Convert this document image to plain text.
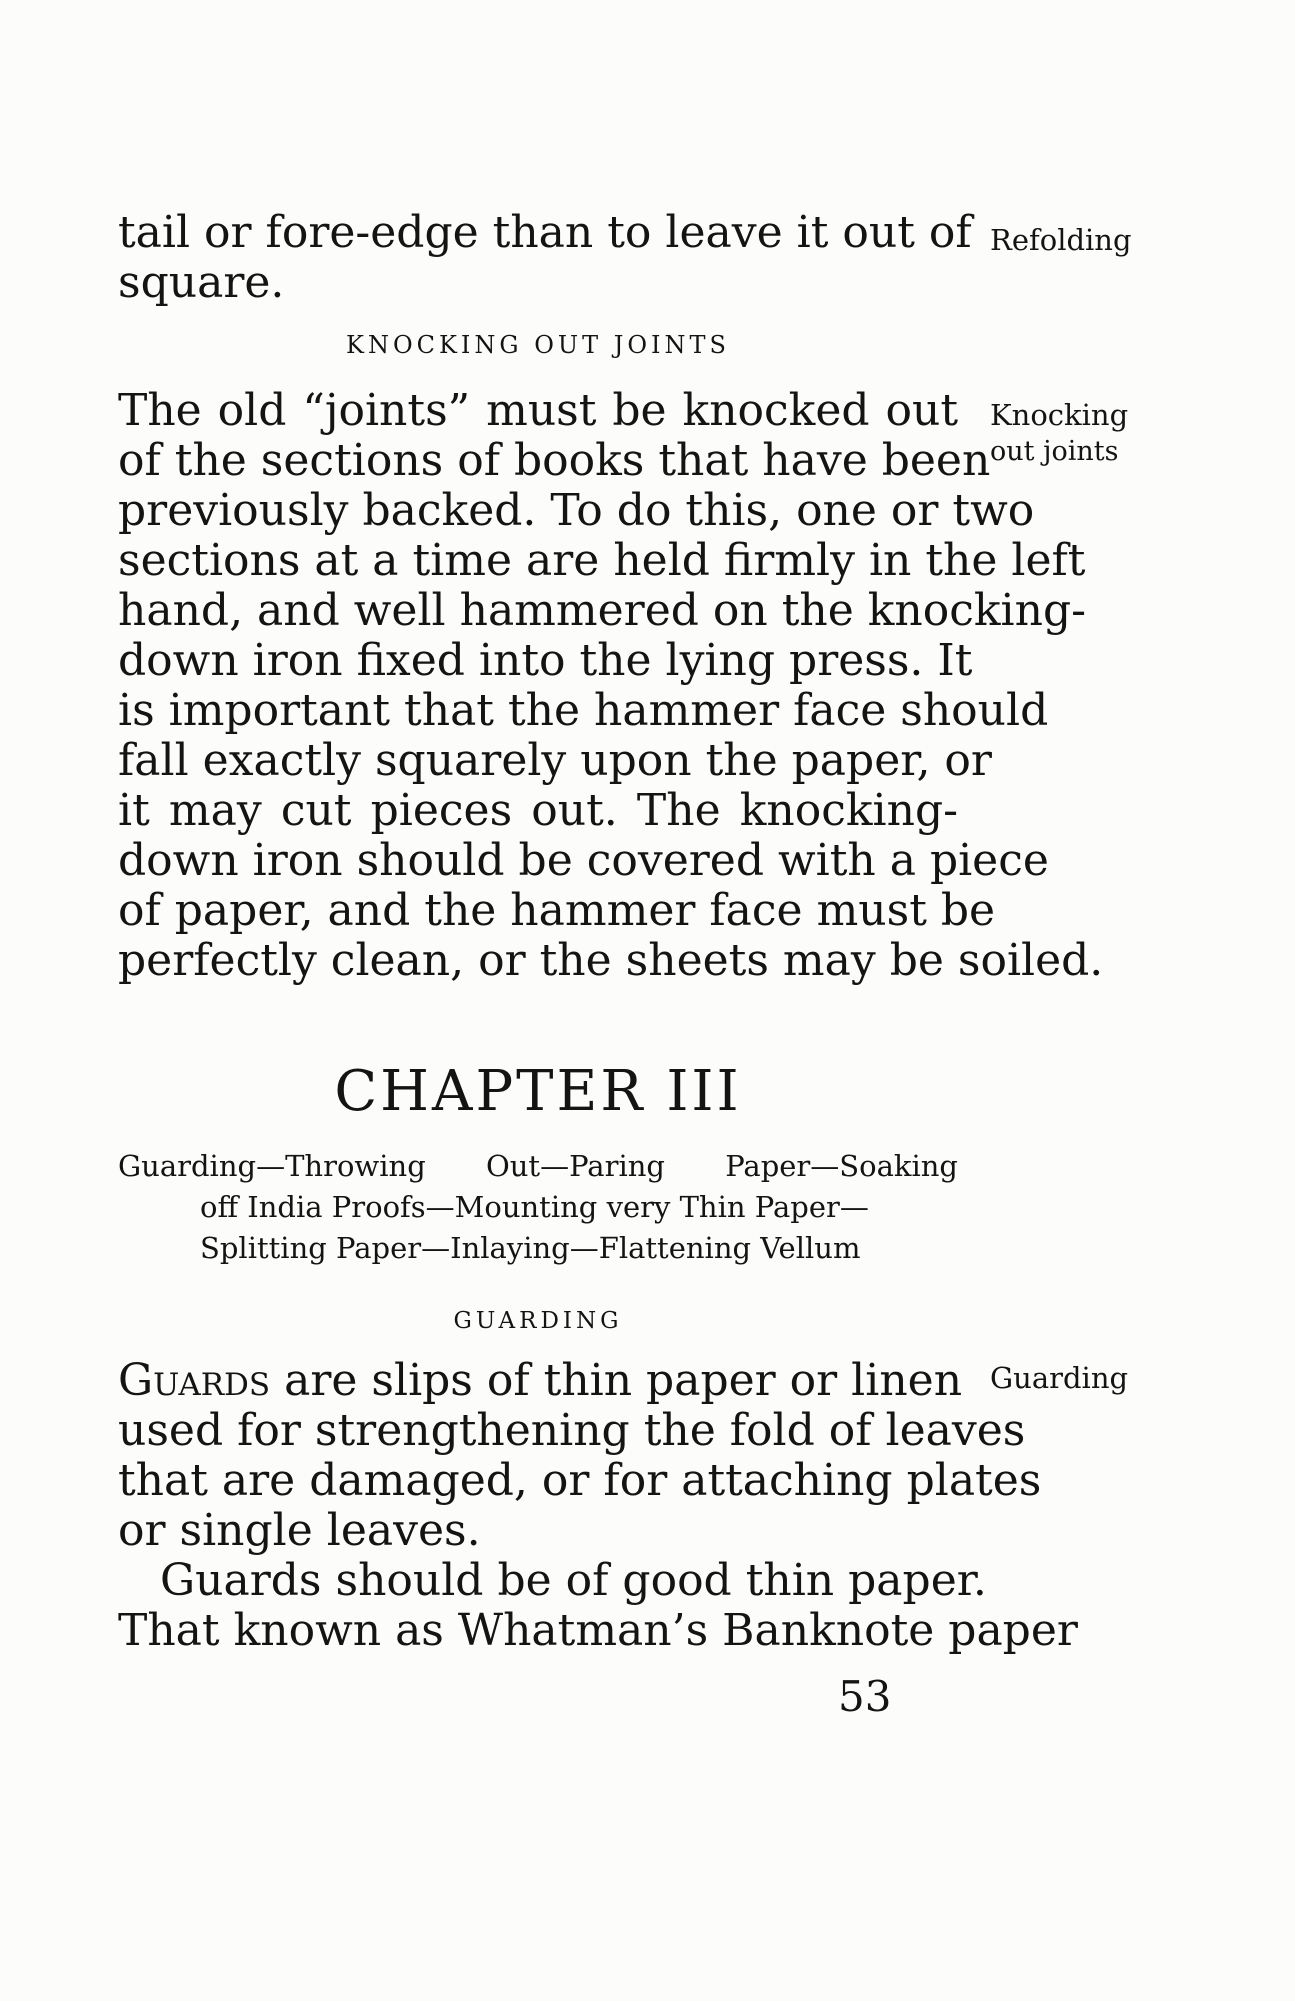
tail or fore-edge than to leave it out of
square.
Refolding
KNOCKING OUT JOINTS
The old “joints” must be knocked out
of the sections of books that have been
previously backed. To do this, one or two
sections at a time are held firmly in the left
hand, and well hammered on the knocking-
down iron fixed into the lying press. It
is important that the hammer face should
fall exactly squarely upon the paper, or
it may cut pieces out. The knocking-
down iron should be covered with a piece
of paper, and the hammer face must be
perfectly clean, or the sheets may be soiled.
Knocking
out joints
CHAPTER III
Guarding—Throwing Out—Paring Paper—Soaking
off India Proofs—Mounting very Thin Paper—
Splitting Paper—Inlaying—Flattening Vellum
GUARDING
Guards are slips of thin paper or linen
used for strengthening the fold of leaves
that are damaged, or for attaching plates
or single leaves.
Guards should be of good thin paper.
That known as Whatman’s Banknote paper
Guarding
53
